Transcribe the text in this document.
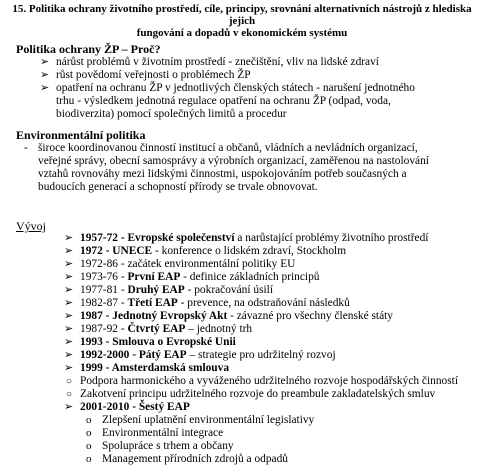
15. Politika ochrany životního prostředí, cíle, principy, srovnání alternativních nástrojů z hlediska jejich
fungování a dopadů v ekonomickém systému
Politika ochrany ŽP – Proč?
➢ nárůst problémů v životním prostředí - znečištění, vliv na lidské zdraví
➢ růst povědomí veřejnosti o problémech ŽP
➢ opatření na ochranu ŽP v jednotlivých členských státech - narušení jednotného
trhu - výsledkem jednotná regulace opatření na ochranu ŽP (odpad, voda,
biodiverzita) pomocí společných limitů a procedur
Environmentální politika
- široce koordinovanou činností institucí a občanů, vládních a nevládních organizací,
veřejné správy, obecní samosprávy a výrobních organizací, zaměřenou na nastolování
vztahů rovnováhy mezi lidskými činnostmi, uspokojováním potřeb současných a
budoucích generací a schopností přírody se trvale obnovovat.
Vývoj
➢ 1957-72 - Evropské společenství a narůstající problémy životního prostředí
➢ 1972 - UNECE - konference o lidském zdraví, Stockholm
➢ 1972-86 - začátek environmentální politiky EU
➢ 1973-76 - První EAP - definice základních principů
➢ 1977-81 - Druhý EAP - pokračování úsilí
➢ 1982-87 - Třetí EAP - prevence, na odstraňování následků
➢ 1987 - Jednotný Evropský Akt - závazné pro všechny členské státy
➢ 1987-92 - Čtvrtý EAP – jednotný trh
➢ 1993 - Smlouva o Evropské Unii
➢ 1992-2000 - Pátý EAP – strategie pro udržitelný rozvoj
➢ 1999 - Amsterdamská smlouva
○ Podpora harmonického a vyváženého udržitelného rozvoje hospodářských činností
○ Zakotvení principu udržitelného rozvoje do preambule zakladatelských smluv
➢ 2001-2010 - Šestý EAP
o Zlepšení uplatnění environmentální legislativy
o Environmentální integrace
o Spolupráce s trhem a občany
o Management přírodních zdrojů a odpadů
